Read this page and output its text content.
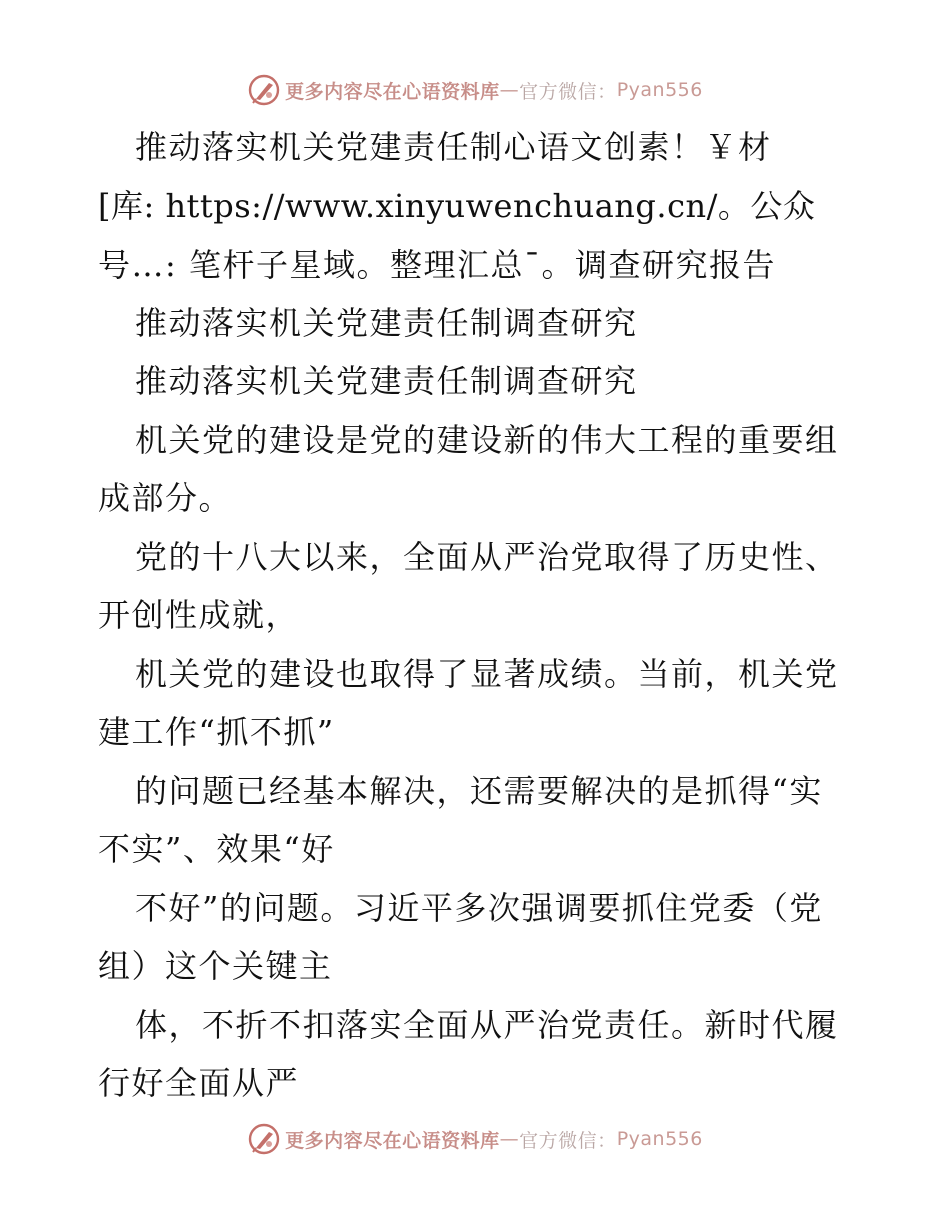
更多内容尽在心语资料库 — 官方微信： Pyan556
推动落实机关党建责任制心语文创素！￥材
[库: https://www.xinyuwenchuang.cn/。公众
号…: 笔杆子星域。整理汇总¯。调查研究报告
推动落实机关党建责任制调查研究
推动落实机关党建责任制调查研究
机关党的建设是党的建设新的伟大工程的重要组
成部分。
党的十八大以来，全面从严治党取得了历史性、
开创性成就，
机关党的建设也取得了显著成绩。当前，机关党
建工作“抓不抓”
的问题已经基本解决，还需要解决的是抓得“实
不实”、效果“好
不好”的问题。习近平多次强调要抓住党委（党
组）这个关键主
体，不折不扣落实全面从严治党责任。新时代履
行好全面从严
更多内容尽在心语资料库 — 官方微信： Pyan556
